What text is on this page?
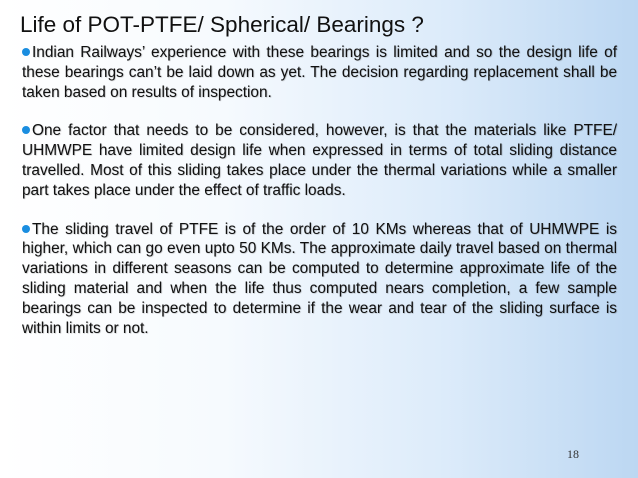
Life of POT-PTFE/ Spherical/ Bearings ?

Indian Railways’ experience with these bearings is limited and so the design life of these bearings can’t be laid down as yet. The decision regarding replacement shall be taken based on results of inspection.

One factor that needs to be considered, however, is that the materials like PTFE/ UHMWPE have limited design life when expressed in terms of total sliding distance travelled. Most of this sliding takes place under the thermal variations while a smaller part takes place under the effect of traffic loads.

The sliding travel of PTFE is of the order of 10 KMs whereas that of UHMWPE is higher, which can go even upto 50 KMs. The approximate daily travel based on thermal variations in different seasons can be computed to determine approximate life of the sliding material and when the life thus computed nears completion, a few sample bearings can be inspected to determine if the wear and tear of the sliding surface is within limits or not.

18
